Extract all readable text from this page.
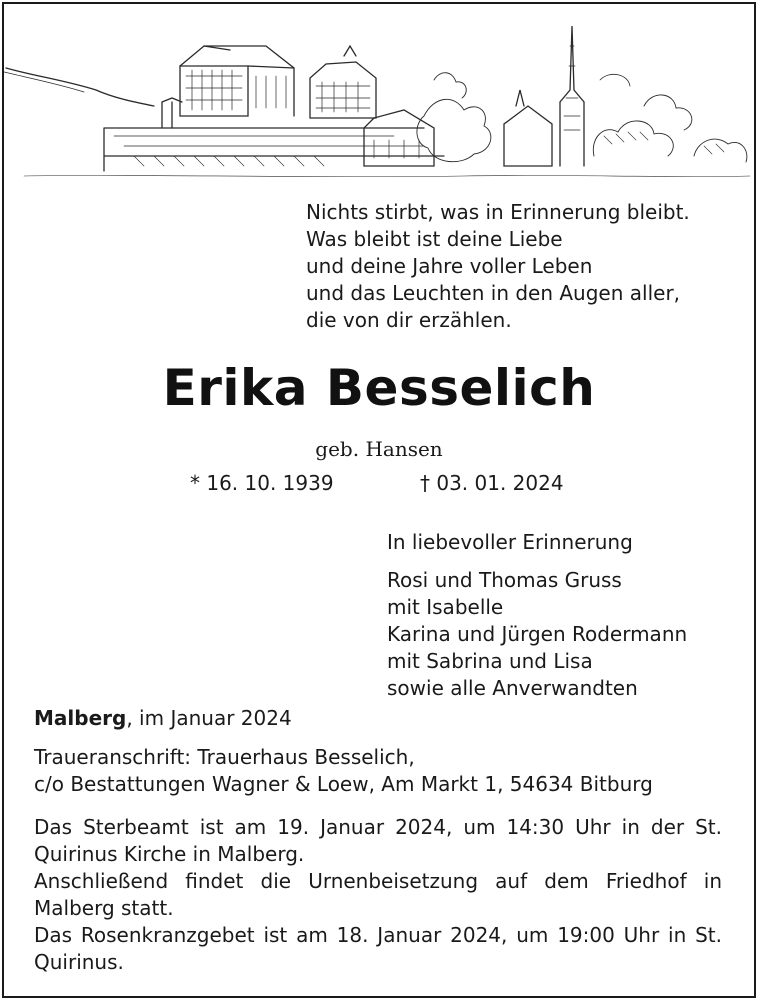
Nichts stirbt, was in Erinnerung bleibt.
Was bleibt ist deine Liebe
und deine Jahre voller Leben
und das Leuchten in den Augen aller,
die von dir erzählen.
Erika Besselich
geb. Hansen
* 16. 10. 1939	† 03. 01. 2024
In liebevoller Erinnerung
Rosi und Thomas Gruss
mit Isabelle
Karina und Jürgen Rodermann
mit Sabrina und Lisa
sowie alle Anverwandten
Malberg, im Januar 2024
Traueranschrift: Trauerhaus Besselich,
c/o Bestattungen Wagner & Loew, Am Markt 1, 54634 Bitburg

Das Sterbeamt ist am 19. Januar 2024, um 14:30 Uhr in der St. Quirinus Kirche in Malberg.

Anschließend findet die Urnenbeisetzung auf dem Friedhof in Malberg statt.

Das Rosenkranzgebet ist am 18. Januar 2024, um 19:00 Uhr in St. Quirinus.
